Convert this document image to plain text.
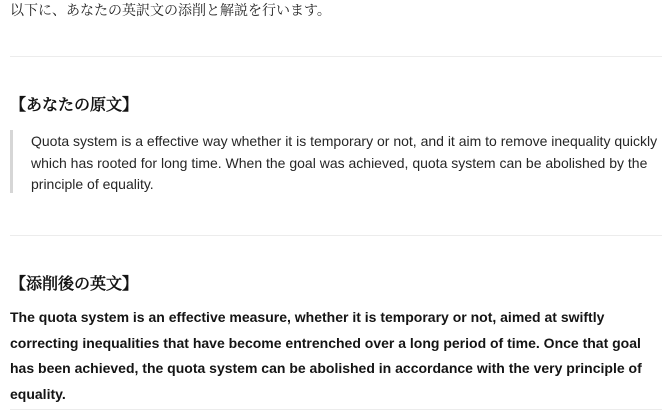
以下に、あなたの英訳文の添削と解説を行います。
【あなたの原文】

Quota system is a effective way whether it is temporary or not, and it aim to remove inequality quickly which has rooted for long time. When the goal was achieved, quota system can be abolished by the principle of equality.

【添削後の英文】

The quota system is an effective measure, whether it is temporary or not, aimed at swiftly correcting inequalities that have become entrenched over a long period of time. Once that goal has been achieved, the quota system can be abolished in accordance with the very principle of equality.
